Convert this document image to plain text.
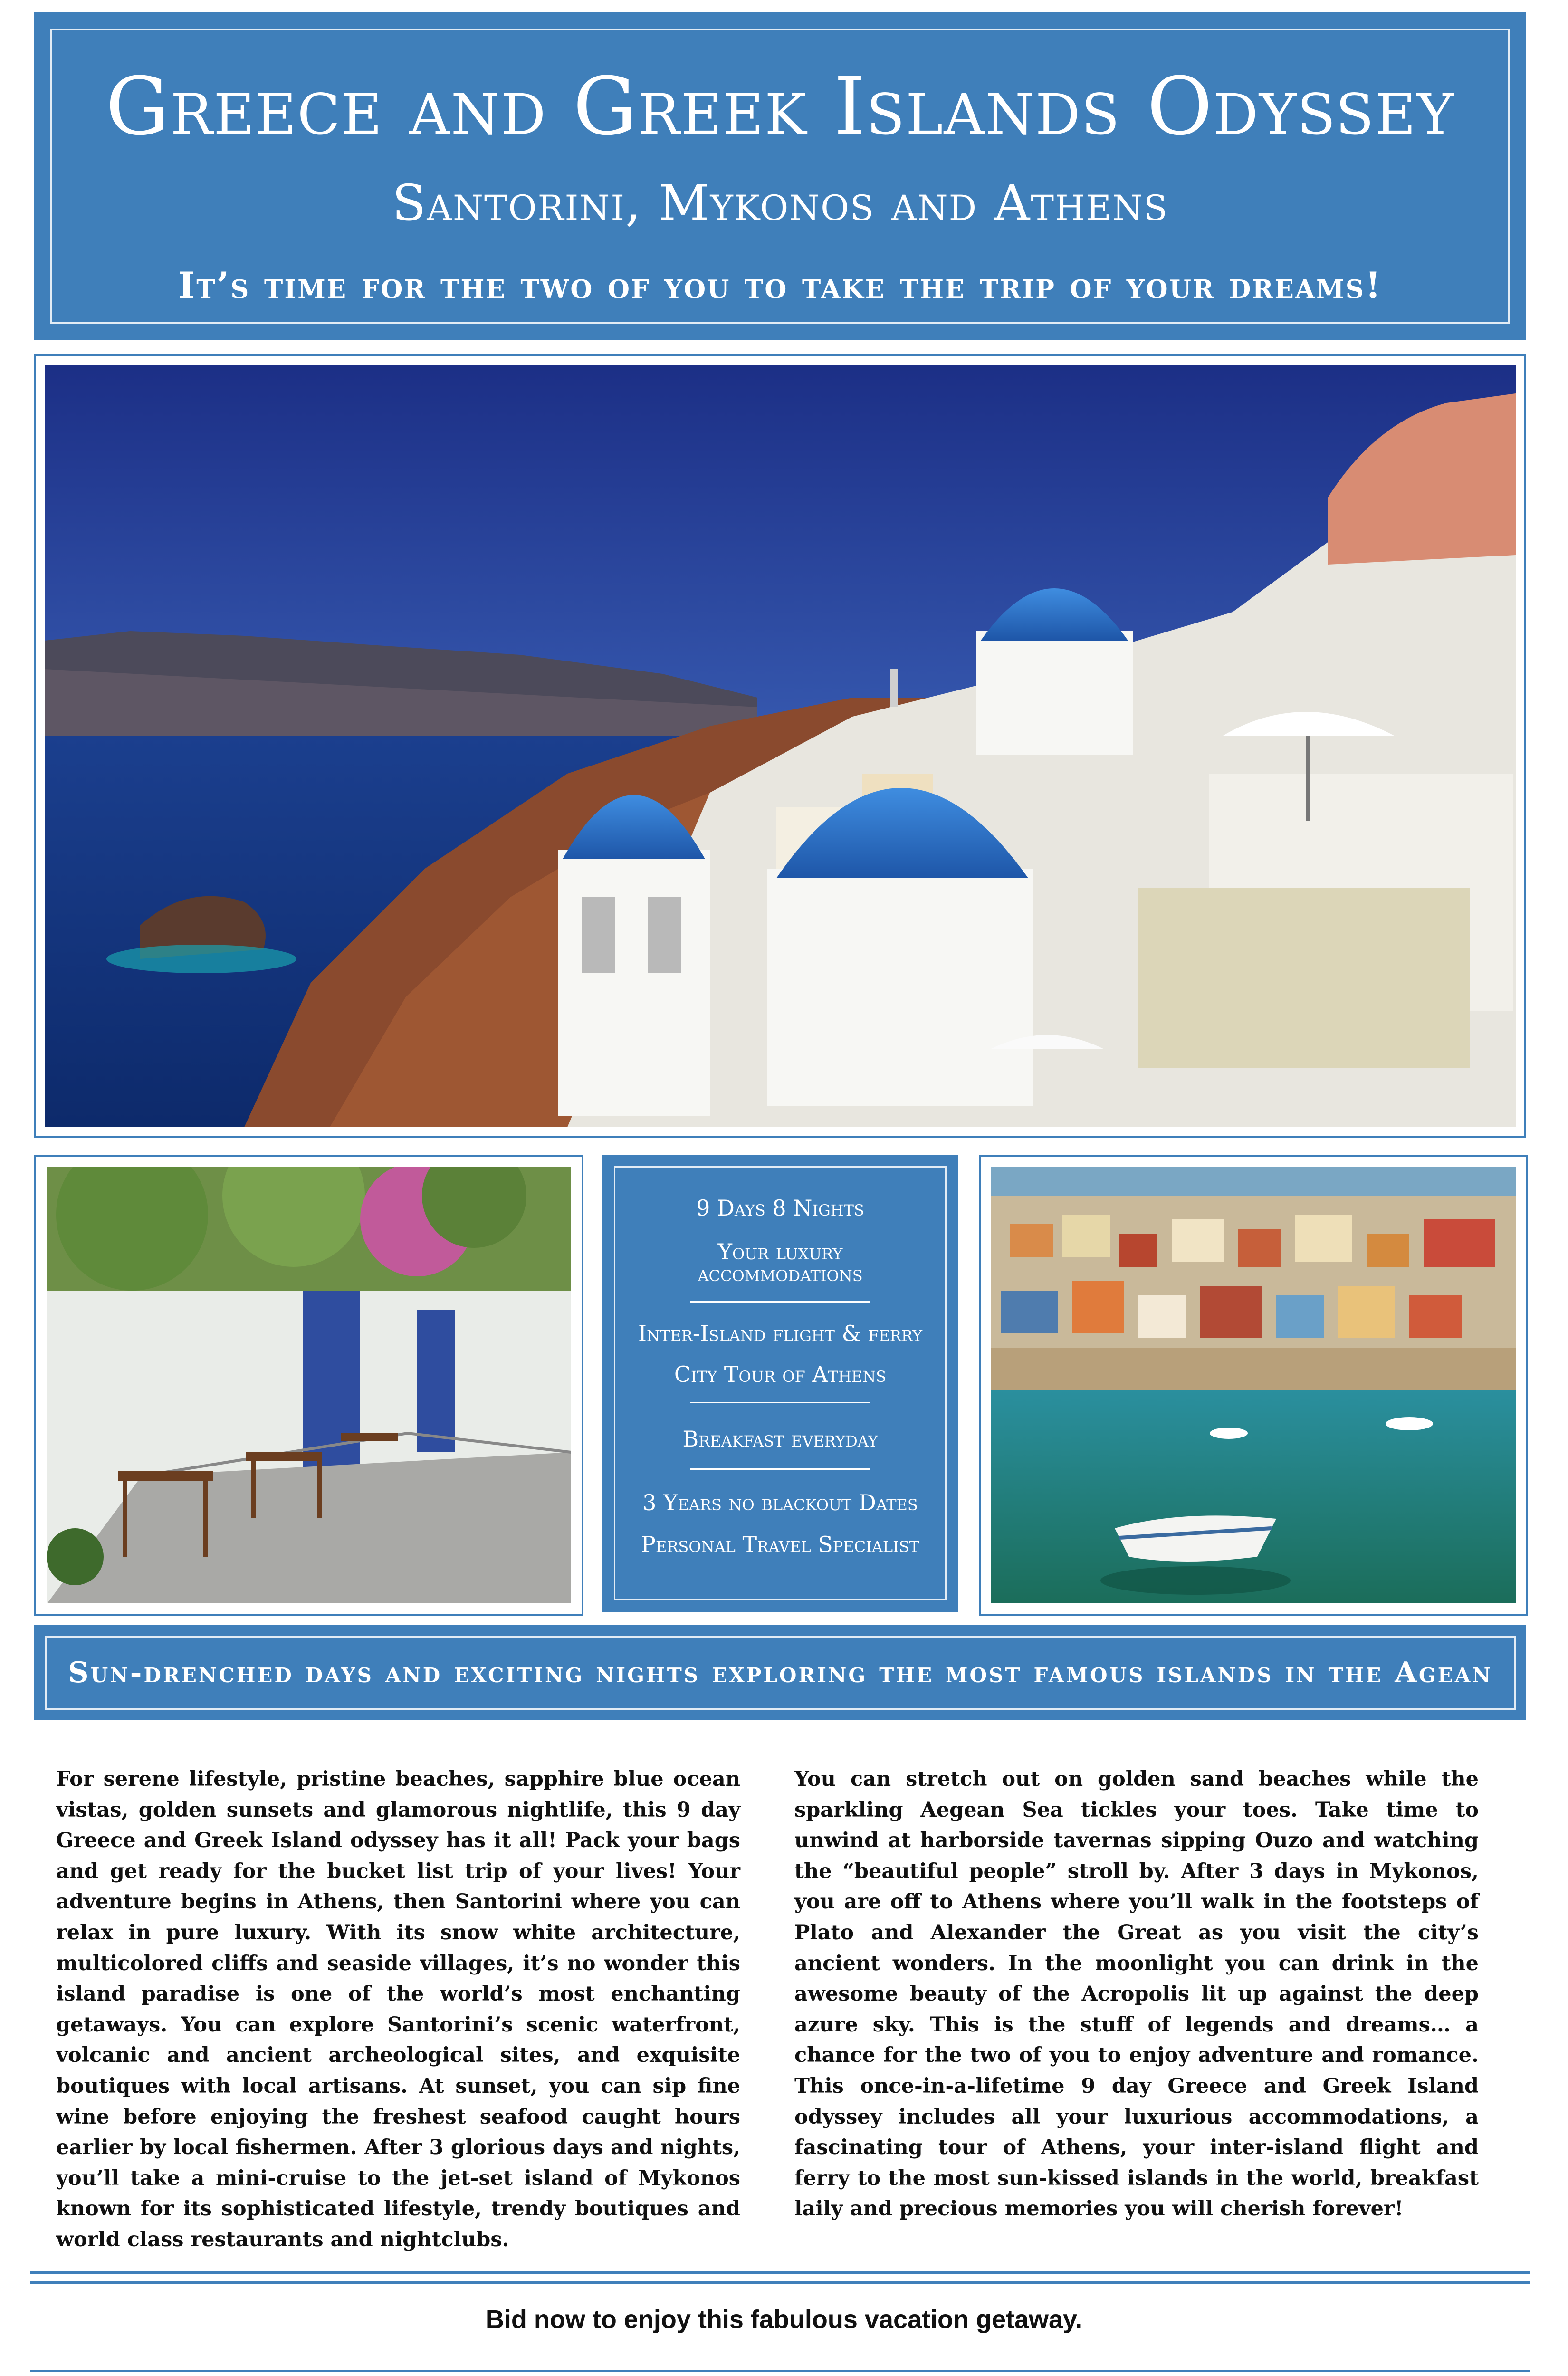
Greece and Greek Islands Odyssey
Santorini, Mykonos and Athens
It’s time for the two of you to take the trip of your dreams!
9 Days 8 Nights
Your luxury
accommodations
Inter-Island flight & ferry
City Tour of Athens
Breakfast everyday
3 Years no blackout Dates
Personal Travel Specialist
Sun-drenched days and exciting nights exploring the most famous islands in the Agean Sea!
For serene lifestyle, pristine beaches, sapphire blue ocean vistas, golden sunsets and glamorous nightlife, this 9 day Greece and Greek Island odyssey has it all! Pack your bags and get ready for the bucket list trip of your lives! Your adventure begins in Athens, then Santorini where you can relax in pure luxury. With its snow white architecture, multicolored cliffs and seaside villages, it’s no wonder this island paradise is one of the world’s most enchanting getaways. You can explore Santorini’s scenic waterfront, volcanic and ancient archeological sites, and exquisite boutiques with local artisans. At sunset, you can sip fine wine before enjoying the freshest seafood caught hours earlier by local fishermen. After 3 glorious days and nights, you’ll take a mini-cruise to the jet-set island of Mykonos known for its sophisticated lifestyle, trendy boutiques and world class restaurants and nightclubs.
You can stretch out on golden sand beaches while the sparkling Aegean Sea tickles your toes. Take time to unwind at harborside tavernas sipping Ouzo and watching the “beautiful people” stroll by. After 3 days in Mykonos, you are off to Athens where you’ll walk in the footsteps of Plato and Alexander the Great as you visit the city’s ancient wonders. In the moonlight you can drink in the awesome beauty of the Acropolis lit up against the deep azure sky. This is the stuff of legends and dreams… a chance for the two of you to enjoy adventure and romance. This once-in-a-lifetime 9 day Greece and Greek Island odyssey includes all your luxurious accommodations, a fascinating tour of Athens, your inter-island flight and ferry to the most sun-kissed islands in the world, breakfast laily and precious memories you will cherish forever!
Bid now to enjoy this fabulous vacation getaway.
